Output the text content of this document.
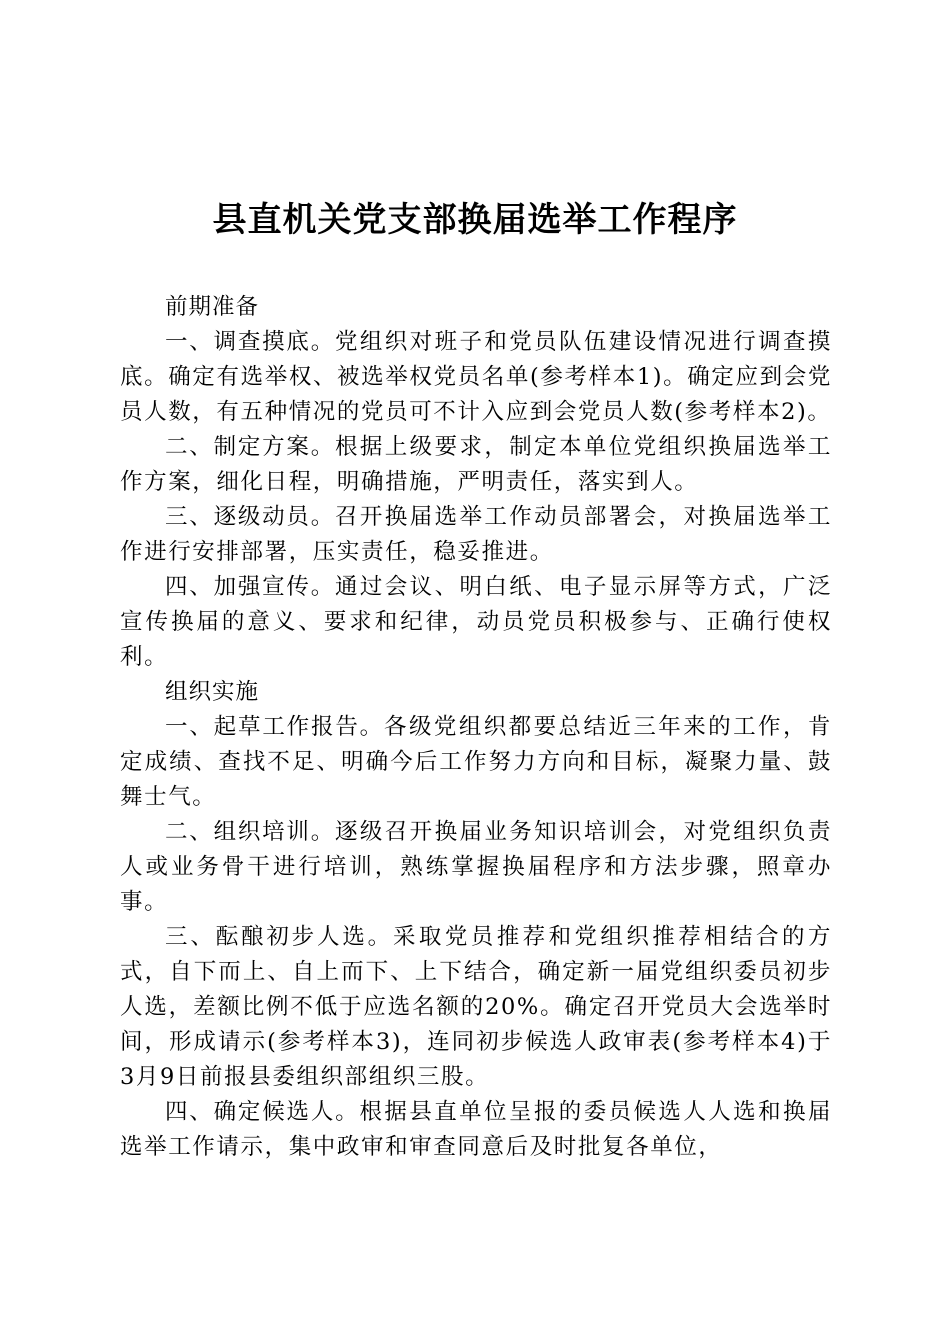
县直机关党支部换届选举工作程序

前期准备

一、调查摸底。党组织对班子和党员队伍建设情况进行调查摸底。确定有选举权、被选举权党员名单(参考样本1)。确定应到会党员人数，有五种情况的党员可不计入应到会党员人数(参考样本2)。

二、制定方案。根据上级要求，制定本单位党组织换届选举工作方案，细化日程，明确措施，严明责任，落实到人。

三、逐级动员。召开换届选举工作动员部署会，对换届选举工作进行安排部署，压实责任，稳妥推进。

四、加强宣传。通过会议、明白纸、电子显示屏等方式，广泛宣传换届的意义、要求和纪律，动员党员积极参与、正确行使权利。

组织实施

一、起草工作报告。各级党组织都要总结近三年来的工作，肯定成绩、查找不足、明确今后工作努力方向和目标，凝聚力量、鼓舞士气。

二、组织培训。逐级召开换届业务知识培训会，对党组织负责人或业务骨干进行培训，熟练掌握换届程序和方法步骤，照章办事。

三、酝酿初步人选。采取党员推荐和党组织推荐相结合的方式，自下而上、自上而下、上下结合，确定新一届党组织委员初步人选，差额比例不低于应选名额的20%。确定召开党员大会选举时间，形成请示(参考样本3)，连同初步候选人政审表(参考样本4)于3月9日前报县委组织部组织三股。

四、确定候选人。根据县直单位呈报的委员候选人人选和换届选举工作请示，集中政审和审查同意后及时批复各单位，
